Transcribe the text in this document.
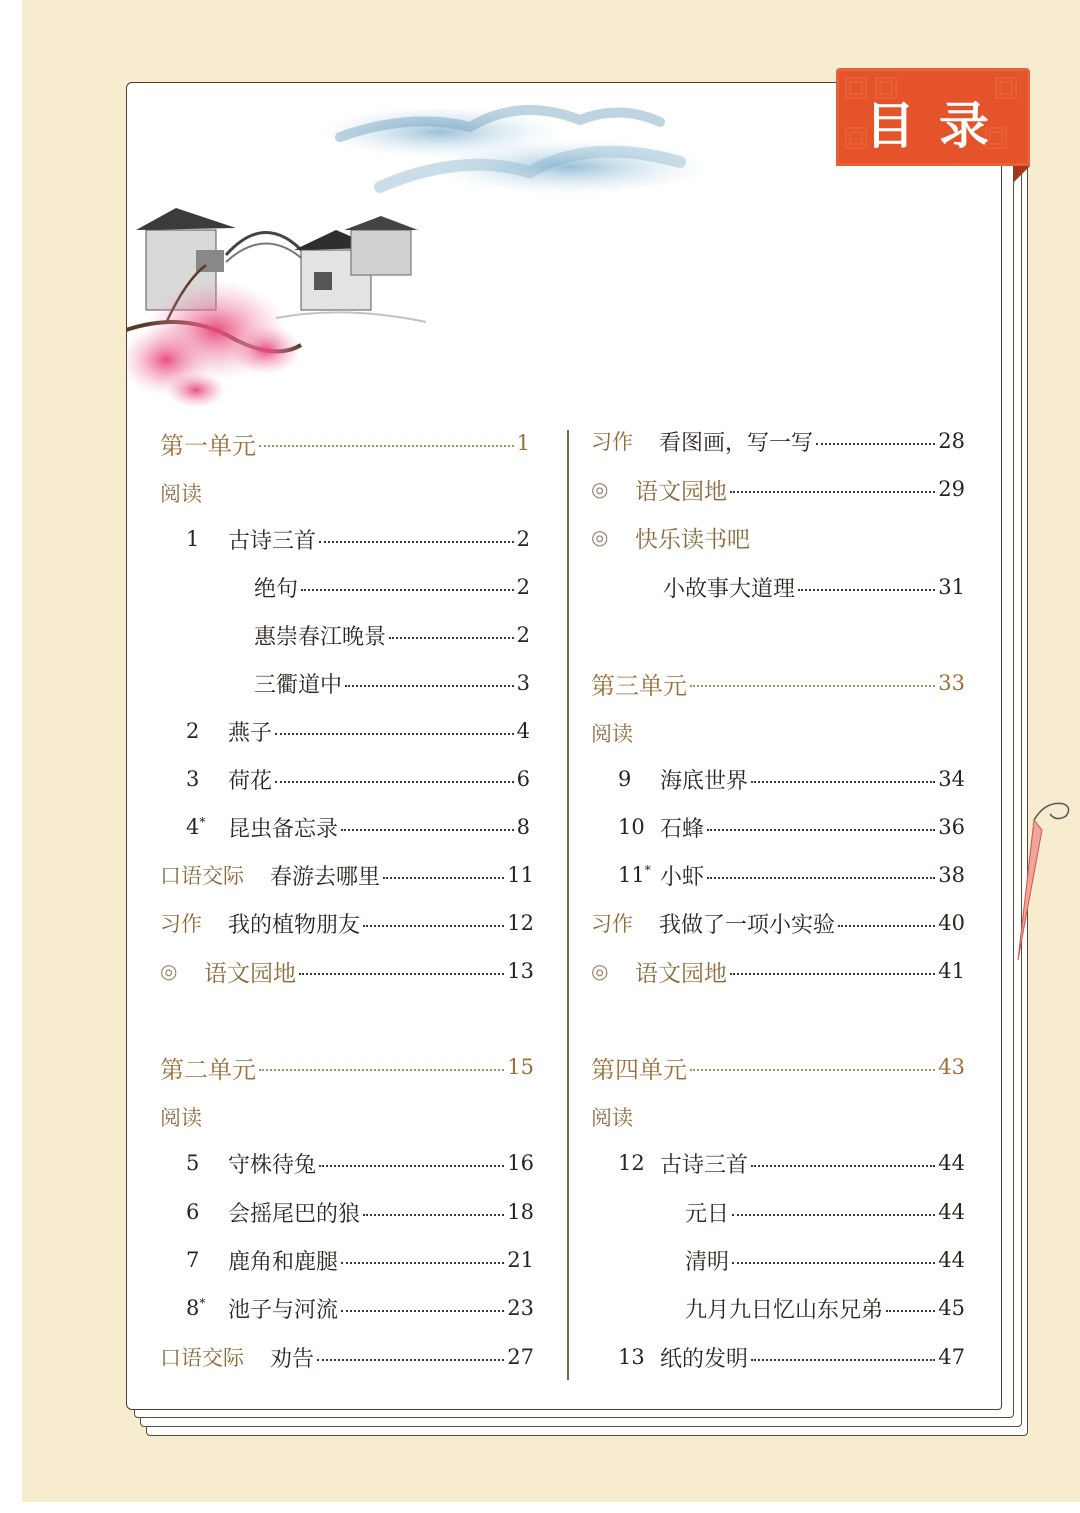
目录
第一单元	1
阅读
1	古诗三首	2
绝句	2
惠崇春江晚景	2
三衢道中	3
2	燕子	4
3	荷花	6
4*	昆虫备忘录	8
口语交际 春游去哪里	11
习作 我的植物朋友	12
◎	语文园地	13
第二单元	15
阅读
5	守株待兔	16
6	会摇尾巴的狼	18
7	鹿角和鹿腿	21
8*	池子与河流	23
口语交际 劝告	27
习作 看图画，写一写	28
◎	语文园地	29
◎	快乐读书吧
小故事大道理	31
第三单元	33
阅读
9	海底世界	34
10 石蜂	36
11* 小虾	38
习作 我做了一项小实验	40
◎	语文园地	41
第四单元	43
阅读
12 古诗三首	44
元日	44
清明	44
九月九日忆山东兄弟	45
13 纸的发明	47
